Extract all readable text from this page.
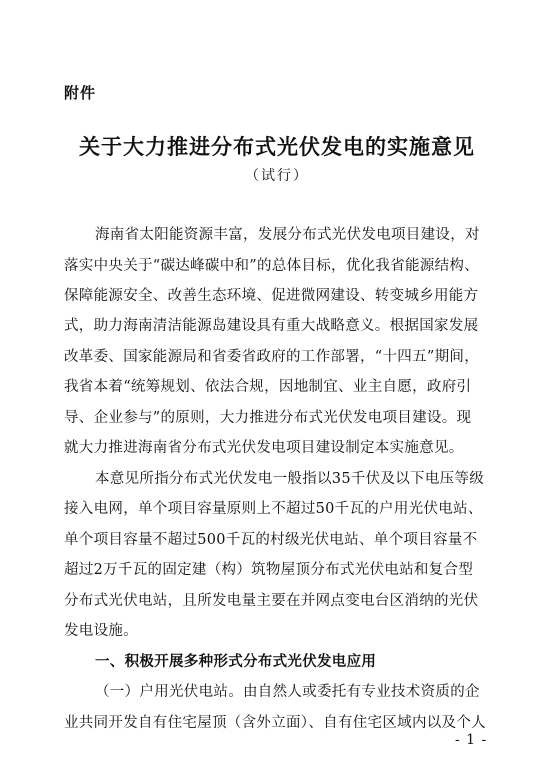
附件
关于大力推进分布式光伏发电的实施意见
（试行）
海南省太阳能资源丰富，发展分布式光伏发电项目建设，对
落实中央关于“碳达峰碳中和”的总体目标，优化我省能源结构、
保障能源安全、改善生态环境、促进微网建设、转变城乡用能方
式，助力海南清洁能源岛建设具有重大战略意义。根据国家发展
改革委、国家能源局和省委省政府的工作部署，“十四五”期间，
我省本着“统筹规划、依法合规，因地制宜、业主自愿，政府引
导、企业参与”的原则，大力推进分布式光伏发电项目建设。现
就大力推进海南省分布式光伏发电项目建设制定本实施意见。
本意见所指分布式光伏发电一般指以35千伏及以下电压等级
接入电网，单个项目容量原则上不超过50千瓦的户用光伏电站、
单个项目容量不超过500千瓦的村级光伏电站、单个项目容量不
超过2万千瓦的固定建（构）筑物屋顶分布式光伏电站和复合型
分布式光伏电站，且所发电量主要在并网点变电台区消纳的光伏
发电设施。
一、积极开展多种形式分布式光伏发电应用
（一）户用光伏电站。由自然人或委托有专业技术资质的企
业共同开发自有住宅屋顶（含外立面）、自有住宅区域内以及个人
- 1 -
